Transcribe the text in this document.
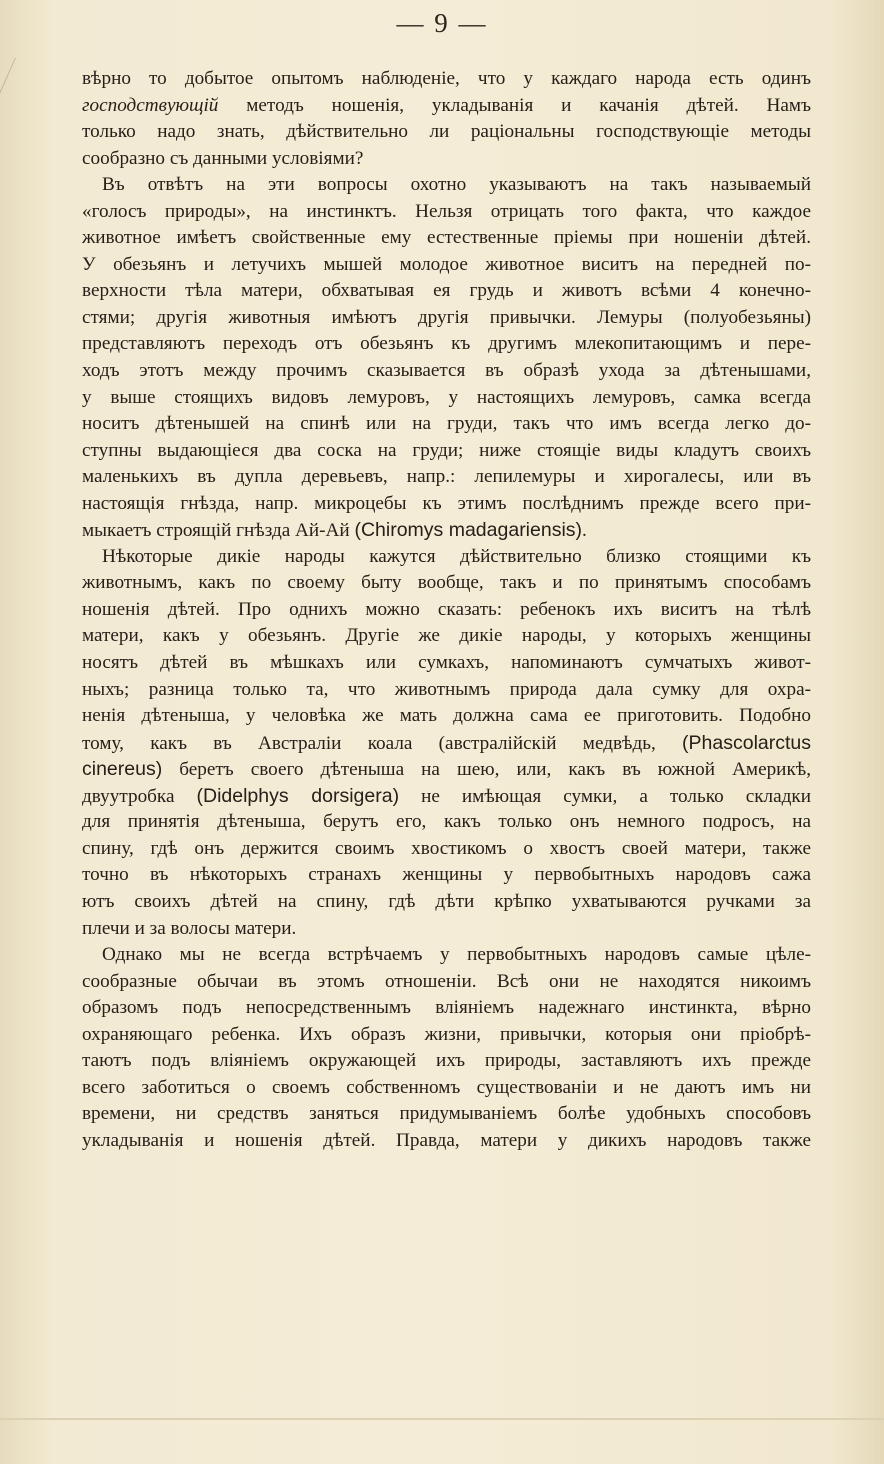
— 9 —
вѣрно то добытое опытомъ наблюденіе, что у каждаго народа есть одинъ
господствующій методъ ношенія, укладыванія и качанія дѣтей. Намъ
только надо знать, дѣйствительно ли раціональны господствующіе методы
сообразно съ данными условіями?
Въ отвѣтъ на эти вопросы охотно указываютъ на такъ называемый
«голосъ природы», на инстинктъ. Нельзя отрицать того факта, что каждое
животное имѣетъ свойственные ему естественные пріемы при ношеніи дѣтей.
У обезьянъ и летучихъ мышей молодое животное виситъ на передней по-
верхности тѣла матери, обхватывая ея грудь и животъ всѣми 4 конечно-
стями; другія животныя имѣютъ другія привычки. Лемуры (полуобезьяны)
представляютъ переходъ отъ обезьянъ къ другимъ млекопитающимъ и пере-
ходъ этотъ между прочимъ сказывается въ образѣ ухода за дѣтенышами,
у выше стоящихъ видовъ лемуровъ, у настоящихъ лемуровъ, самка всегда
носитъ дѣтенышей на спинѣ или на груди, такъ что имъ всегда легко до-
ступны выдающіеся два соска на груди; ниже стоящіе виды кладутъ своихъ
маленькихъ въ дупла деревьевъ, напр.: лепилемуры и хирогалесы, или въ
настоящія гнѣзда, напр. микроцебы къ этимъ послѣднимъ прежде всего при-
мыкаетъ строящій гнѣзда Ай-Ай (Chiromys madagariensis).
Нѣкоторые дикіе народы кажутся дѣйствительно близко стоящими къ
животнымъ, какъ по своему быту вообще, такъ и по принятымъ способамъ
ношенія дѣтей. Про однихъ можно сказать: ребенокъ ихъ виситъ на тѣлѣ
матери, какъ у обезьянъ. Другіе же дикіе народы, у которыхъ женщины
носятъ дѣтей въ мѣшкахъ или сумкахъ, напоминаютъ сумчатыхъ живот-
ныхъ; разница только та, что животнымъ природа дала сумку для охра-
ненія дѣтеныша, у человѣка же мать должна сама ее приготовить. Подобно
тому, какъ въ Австраліи коала (австралійскій медвѣдь, (Phascolarctus
cinereus) беретъ своего дѣтеныша на шею, или, какъ въ южной Америкѣ,
двуутробка (Didelphys dorsigera) не имѣющая сумки, а только складки
для принятія дѣтеныша, берутъ его, какъ только онъ немного подросъ, на
спину, гдѣ онъ держится своимъ хвостикомъ о хвостъ своей матери, также
точно въ нѣкоторыхъ странахъ женщины у первобытныхъ народовъ сажа
ютъ своихъ дѣтей на спину, гдѣ дѣти крѣпко ухватываются ручками за
плечи и за волосы матери.
Однако мы не всегда встрѣчаемъ у первобытныхъ народовъ самые цѣле-
сообразные обычаи въ этомъ отношеніи. Всѣ они не находятся никоимъ
образомъ подъ непосредственнымъ вліяніемъ надежнаго инстинкта, вѣрно
охраняющаго ребенка. Ихъ образъ жизни, привычки, которыя они пріобрѣ-
таютъ подъ вліяніемъ окружающей ихъ природы, заставляютъ ихъ прежде
всего заботиться о своемъ собственномъ существованіи и не даютъ имъ ни
времени, ни средствъ заняться придумываніемъ болѣе удобныхъ способовъ
укладыванія и ношенія дѣтей. Правда, матери у дикихъ народовъ также
